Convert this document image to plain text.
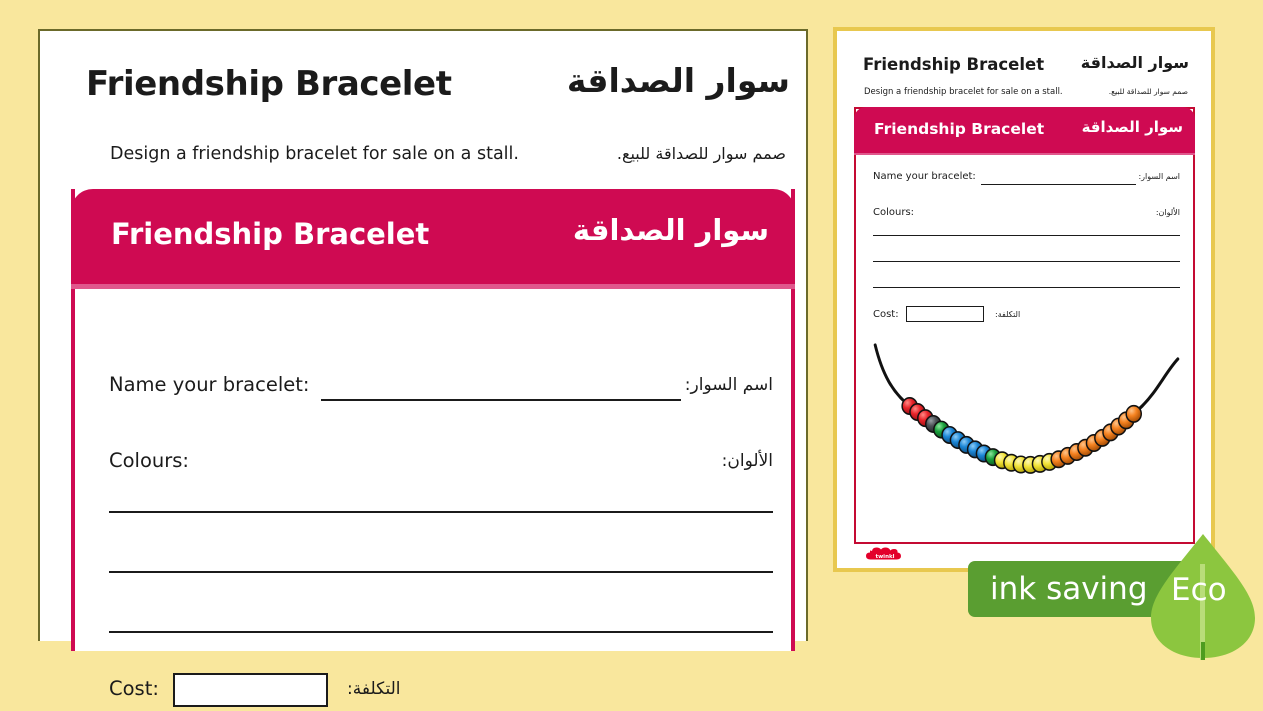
Friendship Bracelet	سوار الصداقة
Design a friendship bracelet for sale on a stall.	صمم سوار للصداقة للبيع.
Friendship Bracelet	سوار الصداقة
Name your bracelet:	اسم السوار:
Colours:	الألوان:
Cost:	التكلفة:
Friendship Bracelet سوار الصداقة
Design a friendship bracelet for sale on a stall.	صمم سوار للصداقة للبيع.
Friendship Bracelet سوار الصداقة
Name your bracelet:	اسم السوار:
Colours:	الألوان:
Cost:	التكلفة:
twinkl
ink saving Eco
